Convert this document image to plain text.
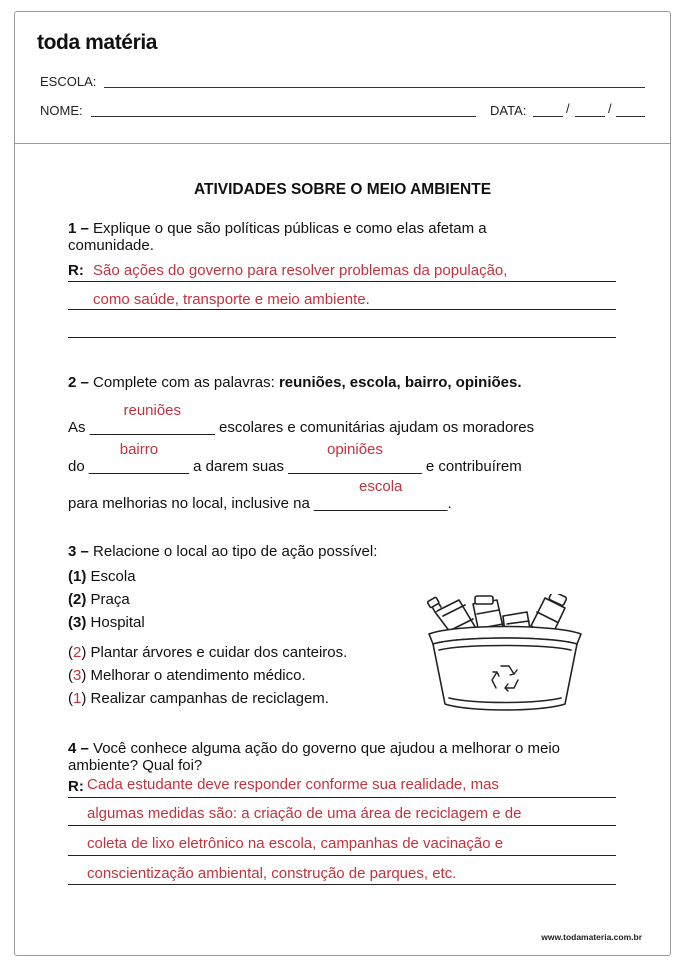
toda matéria
ESCOLA:
NOME:	DATA:	/	/
ATIVIDADES SOBRE O MEIO AMBIENTE
1 – Explique o que são políticas públicas e como elas afetam a
comunidade.
R: São ações do governo para resolver problemas da população,
como saúde, transporte e meio ambiente.
2 – Complete com as palavras: reuniões, escola, bairro, opiniões.
As _______________
reuniões
escolares e comunitárias ajudam os moradores
do ____________
bairro
a darem suas ________________
opiniões
e contribuírem
para melhorias no local, inclusive na ________________
escola
.
3 – Relacione o local ao tipo de ação possível:
(1) Escola
(2) Praça
(3) Hospital
(2) Plantar árvores e cuidar dos canteiros.
(3) Melhorar o atendimento médico.
(1) Realizar campanhas de reciclagem.
4 – Você conhece alguma ação do governo que ajudou a melhorar o meio
ambiente? Qual foi?
R: Cada estudante deve responder conforme sua realidade, mas
algumas medidas são: a criação de uma área de reciclagem e de
coleta de lixo eletrônico na escola, campanhas de vacinação e
conscientização ambiental, construção de parques, etc.
www.todamateria.com.br
